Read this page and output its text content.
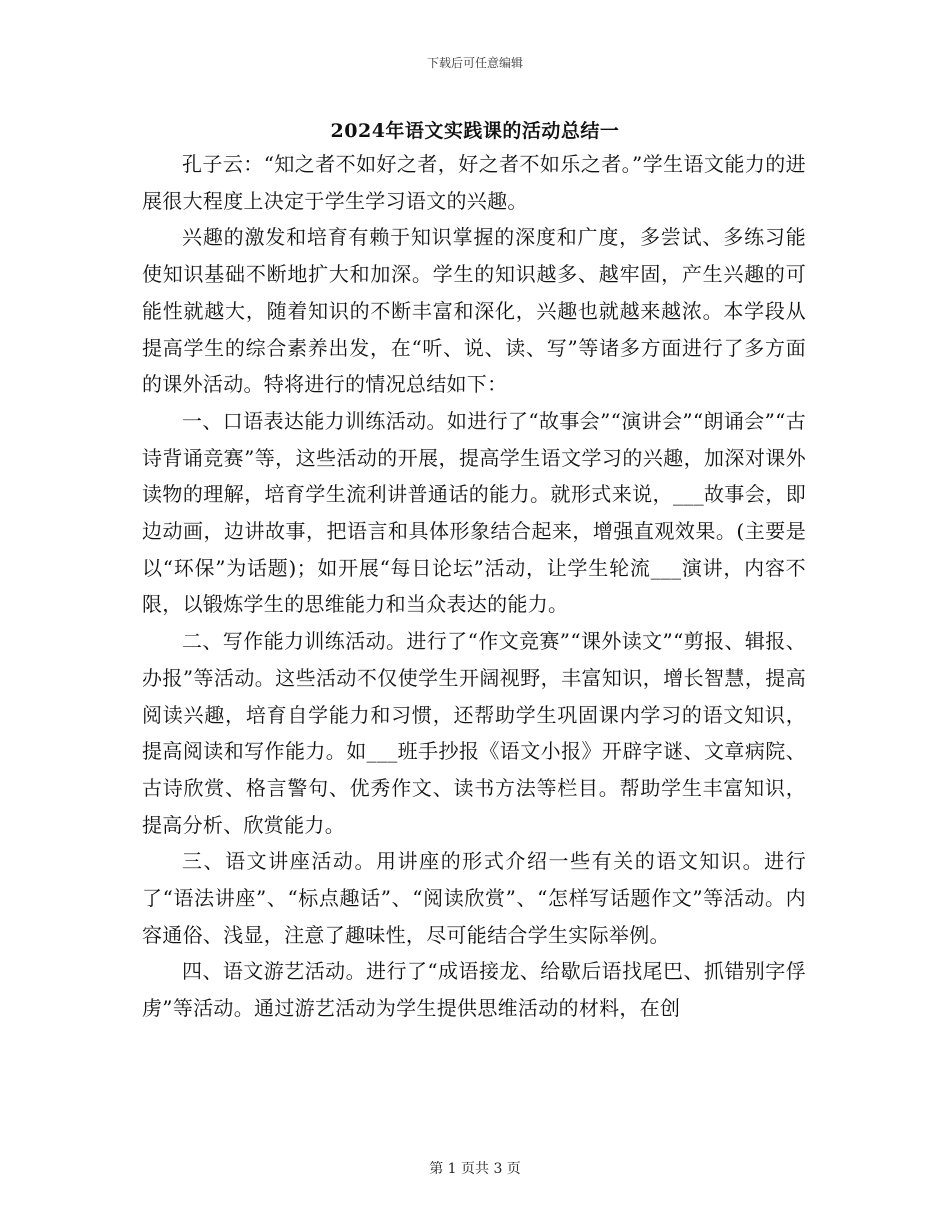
下载后可任意编辑
2024年语文实践课的活动总结一

孔子云：“知之者不如好之者，好之者不如乐之者。”学生语文能力的进展很大程度上决定于学生学习语文的兴趣。

兴趣的激发和培育有赖于知识掌握的深度和广度，多尝试、多练习能使知识基础不断地扩大和加深。学生的知识越多、越牢固，产生兴趣的可能性就越大，随着知识的不断丰富和深化，兴趣也就越来越浓。本学段从提高学生的综合素养出发，在“听、说、读、写”等诸多方面进行了多方面的课外活动。特将进行的情况总结如下：

一、口语表达能力训练活动。如进行了“故事会”“演讲会”“朗诵会”“古诗背诵竞赛”等，这些活动的开展，提高学生语文学习的兴趣，加深对课外读物的理解，培育学生流利讲普通话的能力。就形式来说，___故事会，即边动画，边讲故事，把语言和具体形象结合起来，增强直观效果。(主要是以“环保”为话题)；如开展“每日论坛”活动，让学生轮流___演讲，内容不限，以锻炼学生的思维能力和当众表达的能力。

二、写作能力训练活动。进行了“作文竞赛”“课外读文”“剪报、辑报、办报”等活动。这些活动不仅使学生开阔视野，丰富知识，增长智慧，提高阅读兴趣，培育自学能力和习惯，还帮助学生巩固课内学习的语文知识，提高阅读和写作能力。如___班手抄报《语文小报》开辟字谜、文章病院、古诗欣赏、格言警句、优秀作文、读书方法等栏目。帮助学生丰富知识，提高分析、欣赏能力。

三、语文讲座活动。用讲座的形式介绍一些有关的语文知识。进行了“语法讲座”、“标点趣话”、“阅读欣赏”、“怎样写话题作文”等活动。内容通俗、浅显，注意了趣味性，尽可能结合学生实际举例。

四、语文游艺活动。进行了“成语接龙、给歇后语找尾巴、抓错别字俘虏”等活动。通过游艺活动为学生提供思维活动的材料，在创

第 1 页共 3 页
